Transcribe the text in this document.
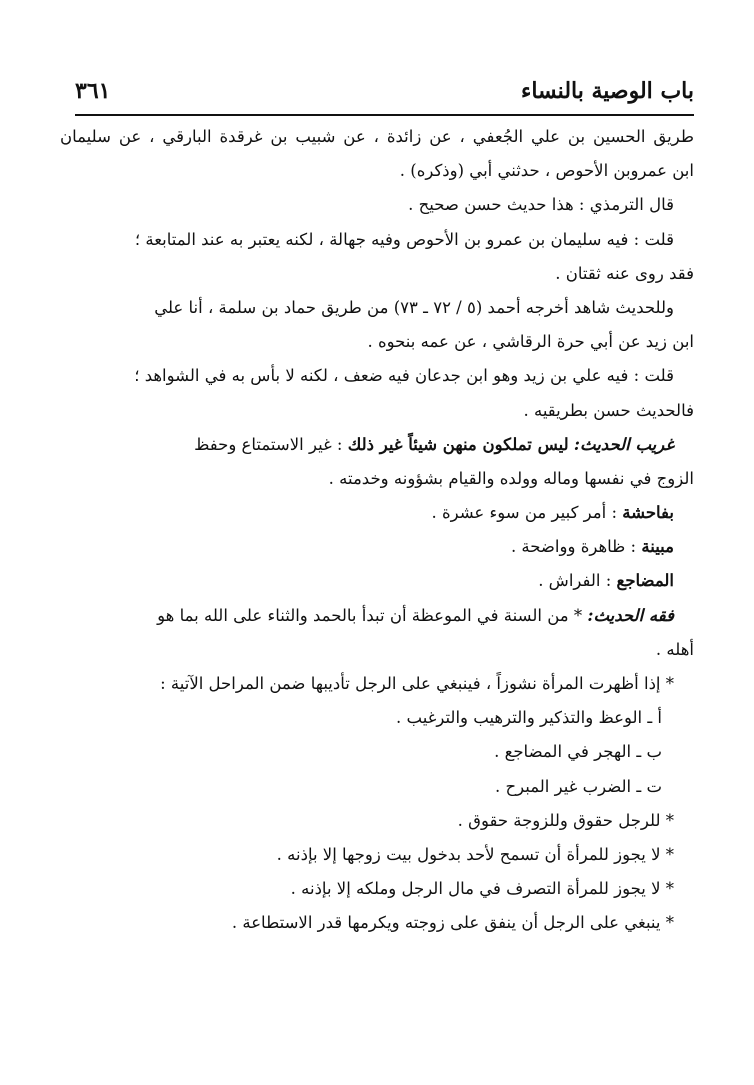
باب الوصية بالنساء
٣٦١
طريق الحسين بن علي الجُعفي ، عن زائدة ، عن شبيب بن غرقدة البارقي ، عن سليمان
ابن عمروبن الأحوص ، حدثني أبي (وذكره) .
قال الترمذي : هذا حديث حسن صحيح .
قلت : فيه سليمان بن عمرو بن الأحوص وفيه جهالة ، لكنه يعتبر به عند المتابعة ؛
فقد روى عنه ثقتان .
وللحديث شاهد أخرجه أحمد (٥ / ٧٢ ـ ٧٣) من طريق حماد بن سلمة ، أنا علي
ابن زيد عن أبي حرة الرقاشي ، عن عمه بنحوه .
قلت : فيه علي بن زيد وهو ابن جدعان فيه ضعف ، لكنه لا بأس به في الشواهد ؛
فالحديث حسن بطريقيه .
غريب الحديث: ليس تملكون منهن شيئاً غير ذلك : غير الاستمتاع وحفظ
الزوج في نفسها وماله وولده والقيام بشؤونه وخدمته .
بفاحشة : أمر كبير من سوء عشرة .
مبينة : ظاهرة وواضحة .
المضاجع : الفراش .
فقه الحديث: * من السنة في الموعظة أن تبدأ بالحمد والثناء على الله بما هو
أهله .
* إذا أظهرت المرأة نشوزاً ، فينبغي على الرجل تأديبها ضمن المراحل الآتية :
أ ـ الوعظ والتذكير والترهيب والترغيب .
ب ـ الهجر في المضاجع .
ت ـ الضرب غير المبرح .
* للرجل حقوق وللزوجة حقوق .
* لا يجوز للمرأة أن تسمح لأحد بدخول بيت زوجها إلا بإذنه .
* لا يجوز للمرأة التصرف في مال الرجل وملكه إلا بإذنه .
* ينبغي على الرجل أن ينفق على زوجته ويكرمها قدر الاستطاعة .
